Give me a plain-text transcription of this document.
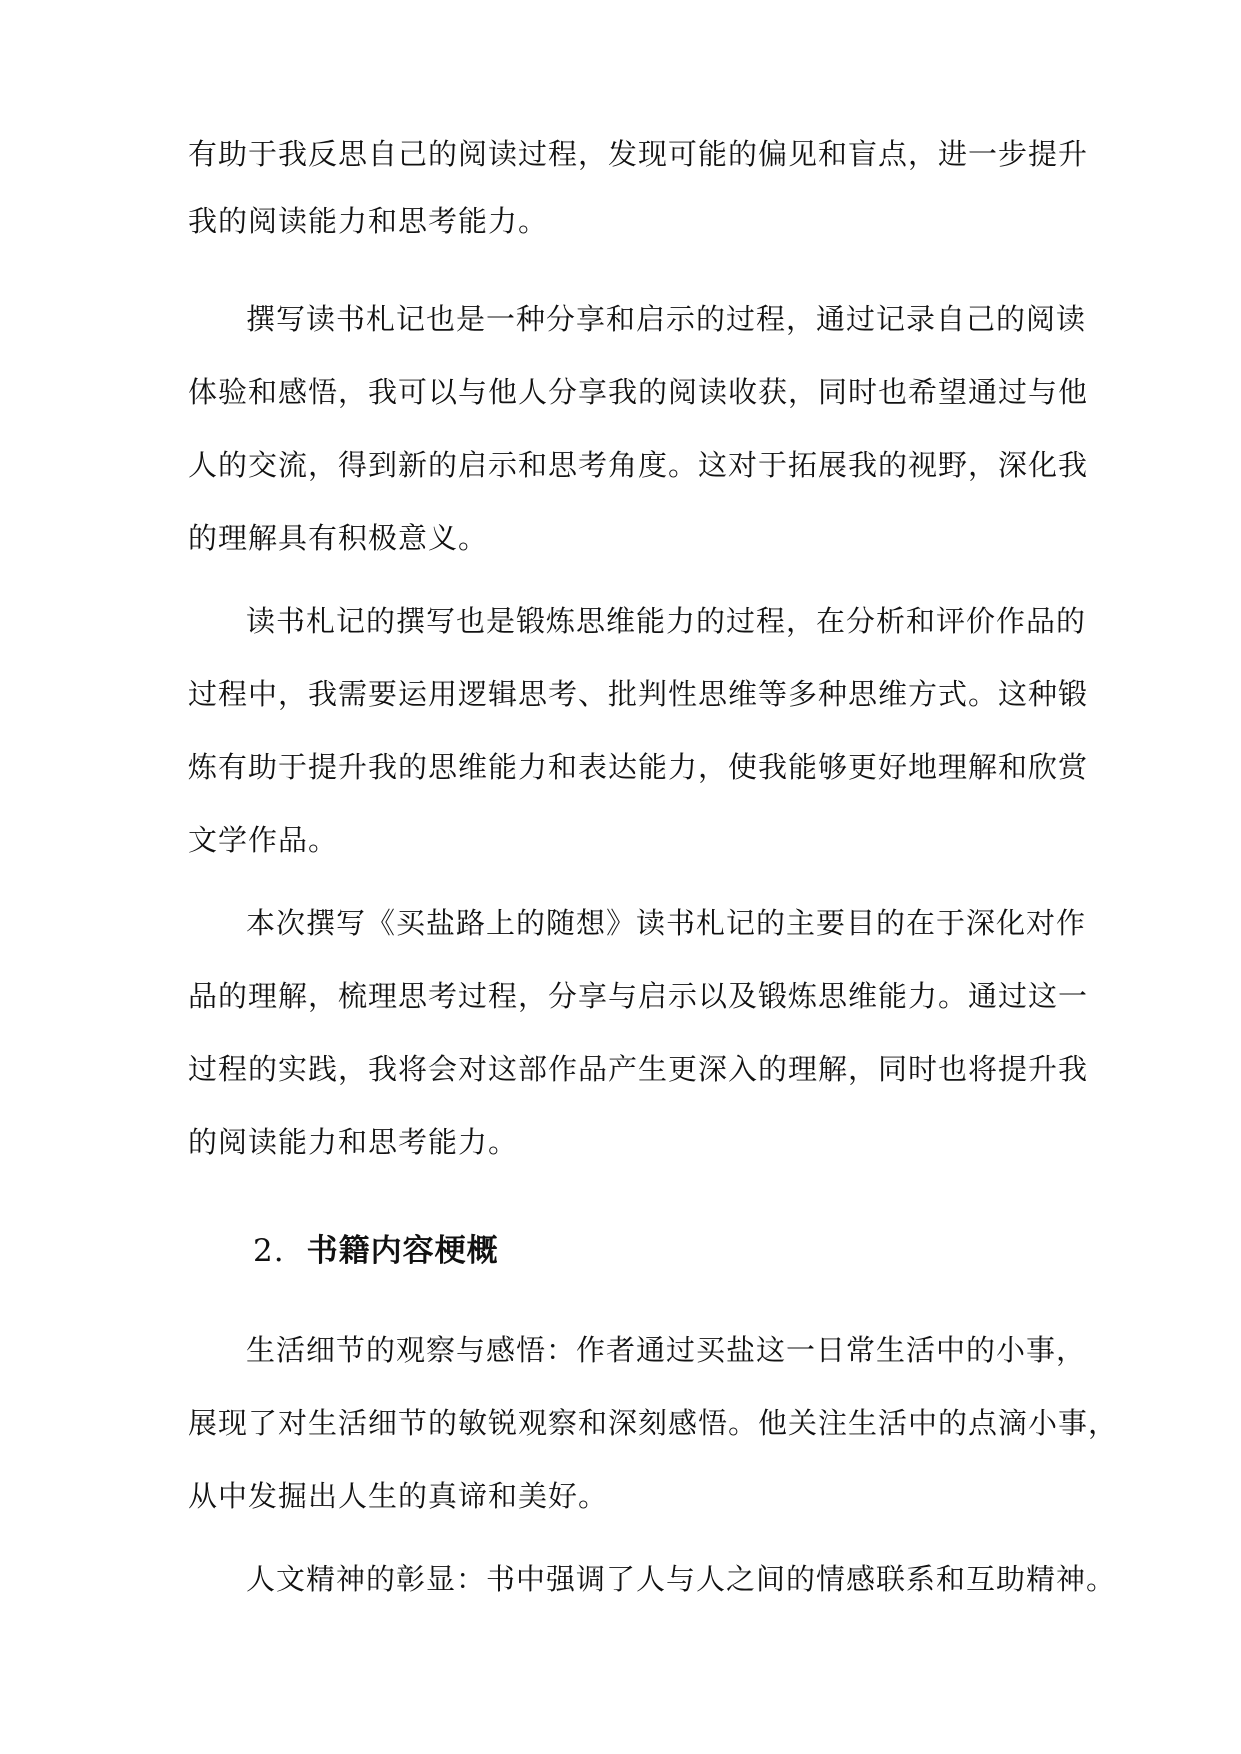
有助于我反思自己的阅读过程，发现可能的偏见和盲点，进一步提升
我的阅读能力和思考能力。
撰写读书札记也是一种分享和启示的过程，通过记录自己的阅读
体验和感悟，我可以与他人分享我的阅读收获，同时也希望通过与他
人的交流，得到新的启示和思考角度。这对于拓展我的视野，深化我
的理解具有积极意义。
读书札记的撰写也是锻炼思维能力的过程，在分析和评价作品的
过程中，我需要运用逻辑思考、批判性思维等多种思维方式。这种锻
炼有助于提升我的思维能力和表达能力，使我能够更好地理解和欣赏
文学作品。
本次撰写《买盐路上的随想》读书札记的主要目的在于深化对作
品的理解，梳理思考过程，分享与启示以及锻炼思维能力。通过这一
过程的实践，我将会对这部作品产生更深入的理解，同时也将提升我
的阅读能力和思考能力。
2. 书籍内容梗概
生活细节的观察与感悟：作者通过买盐这一日常生活中的小事，
展现了对生活细节的敏锐观察和深刻感悟。他关注生活中的点滴小事，
从中发掘出人生的真谛和美好。
人文精神的彰显：书中强调了人与人之间的情感联系和互助精神。
